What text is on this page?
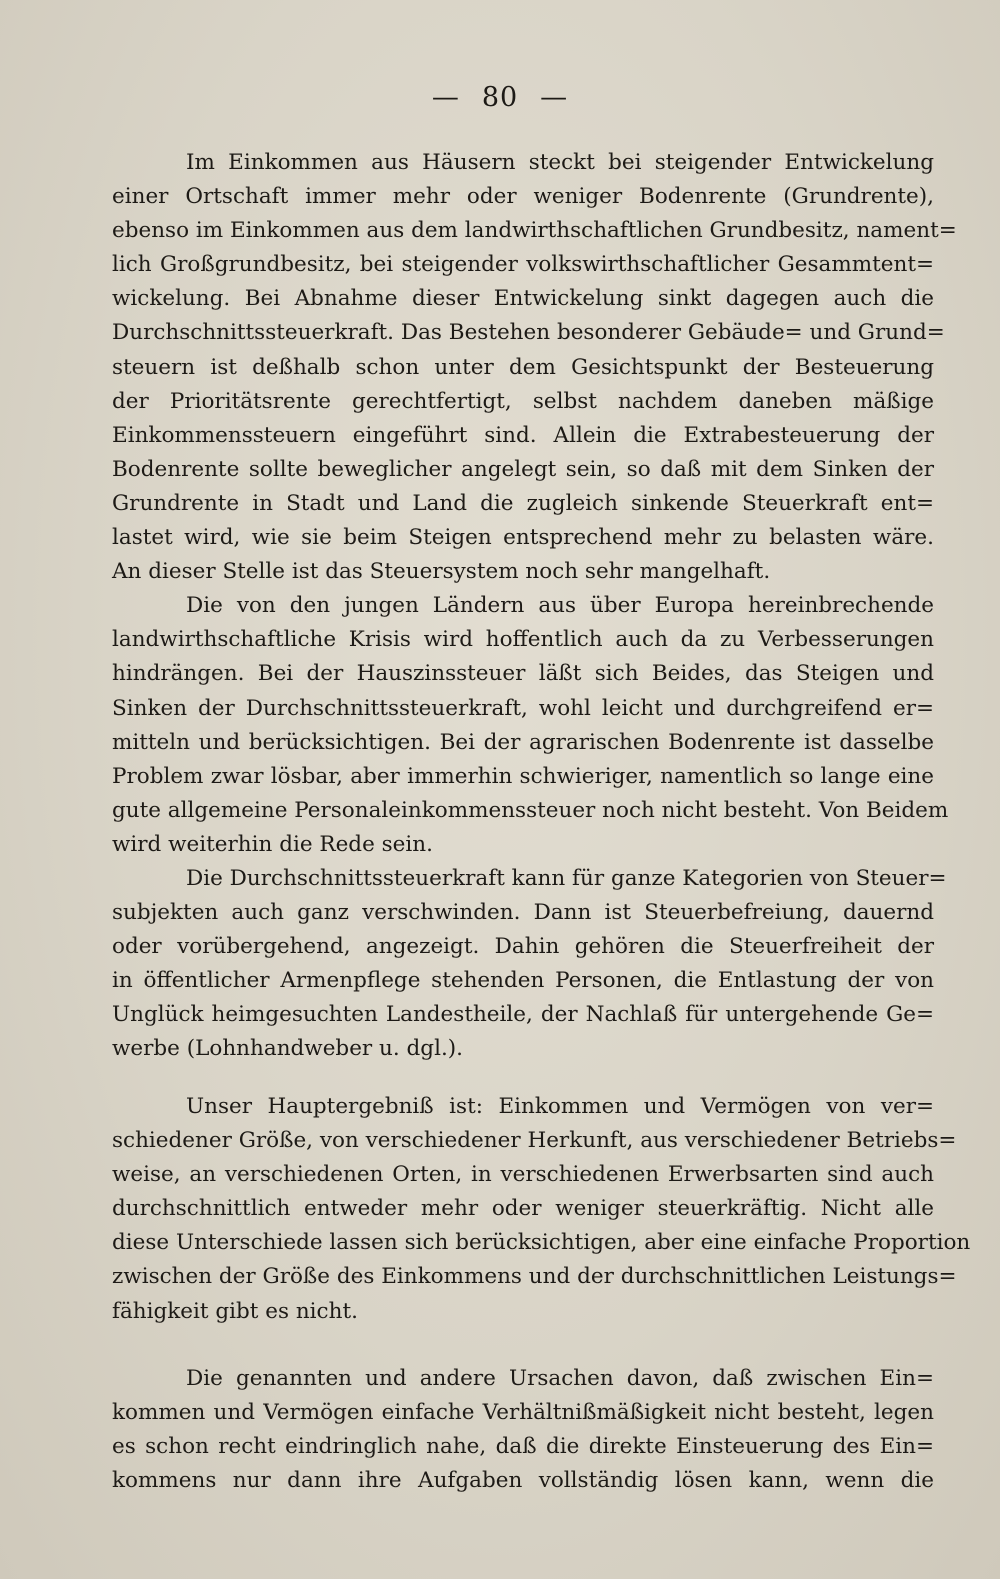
— 80 —
Im Einkommen aus Häusern steckt bei steigender Entwickelung
einer Ortschaft immer mehr oder weniger Bodenrente (Grundrente),
ebenso im Einkommen aus dem landwirthschaftlichen Grundbesitz, nament=
lich Großgrundbesitz, bei steigender volkswirthschaftlicher Gesammtent=
wickelung. Bei Abnahme dieser Entwickelung sinkt dagegen auch die
Durchschnittssteuerkraft. Das Bestehen besonderer Gebäude= und Grund=
steuern ist deßhalb schon unter dem Gesichtspunkt der Besteuerung
der Prioritätsrente gerechtfertigt, selbst nachdem daneben mäßige
Einkommenssteuern eingeführt sind. Allein die Extrabesteuerung der
Bodenrente sollte beweglicher angelegt sein, so daß mit dem Sinken der
Grundrente in Stadt und Land die zugleich sinkende Steuerkraft ent=
lastet wird, wie sie beim Steigen entsprechend mehr zu belasten wäre.
An dieser Stelle ist das Steuersystem noch sehr mangelhaft.
Die von den jungen Ländern aus über Europa hereinbrechende
landwirthschaftliche Krisis wird hoffentlich auch da zu Verbesserungen
hindrängen. Bei der Hauszinssteuer läßt sich Beides, das Steigen und
Sinken der Durchschnittssteuerkraft, wohl leicht und durchgreifend er=
mitteln und berücksichtigen. Bei der agrarischen Bodenrente ist dasselbe
Problem zwar lösbar, aber immerhin schwieriger, namentlich so lange eine
gute allgemeine Personaleinkommenssteuer noch nicht besteht. Von Beidem
wird weiterhin die Rede sein.
Die Durchschnittssteuerkraft kann für ganze Kategorien von Steuer=
subjekten auch ganz verschwinden. Dann ist Steuerbefreiung, dauernd
oder vorübergehend, angezeigt. Dahin gehören die Steuerfreiheit der
in öffentlicher Armenpflege stehenden Personen, die Entlastung der von
Unglück heimgesuchten Landestheile, der Nachlaß für untergehende Ge=
werbe (Lohnhandweber u. dgl.).
Unser Hauptergebniß ist: Einkommen und Vermögen von ver=
schiedener Größe, von verschiedener Herkunft, aus verschiedener Betriebs=
weise, an verschiedenen Orten, in verschiedenen Erwerbsarten sind auch
durchschnittlich entweder mehr oder weniger steuerkräftig. Nicht alle
diese Unterschiede lassen sich berücksichtigen, aber eine einfache Proportion
zwischen der Größe des Einkommens und der durchschnittlichen Leistungs=
fähigkeit gibt es nicht.
Die genannten und andere Ursachen davon, daß zwischen Ein=
kommen und Vermögen einfache Verhältnißmäßigkeit nicht besteht, legen
es schon recht eindringlich nahe, daß die direkte Einsteuerung des Ein=
kommens nur dann ihre Aufgaben vollständig lösen kann, wenn die
